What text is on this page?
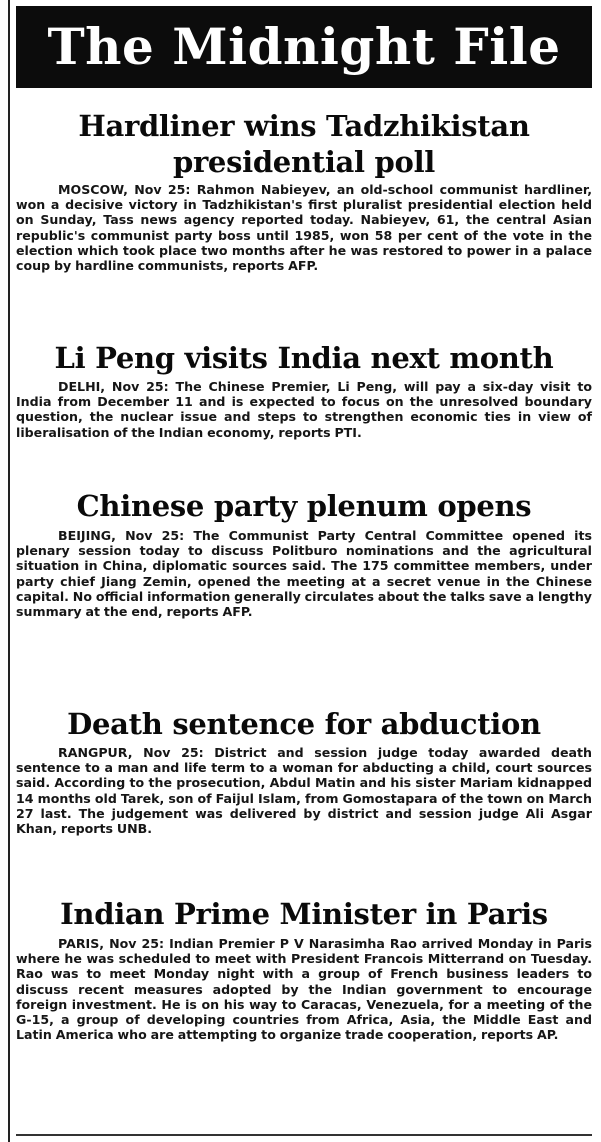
The Midnight File
Hardliner wins Tadzhikistan presidential poll

MOSCOW, Nov 25: Rahmon Nabieyev, an old-school communist hardliner, won a decisive victory in Tadzhikistan's first pluralist presidential election held on Sunday, Tass news agency reported today. Nabieyev, 61, the central Asian republic's communist party boss until 1985, won 58 per cent of the vote in the election which took place two months after he was restored to power in a palace coup by hardline communists, reports AFP.

Li Peng visits India next month

DELHI, Nov 25: The Chinese Premier, Li Peng, will pay a six-day visit to India from December 11 and is expected to focus on the unresolved boundary question, the nuclear issue and steps to strengthen economic ties in view of liberalisation of the Indian economy, reports PTI.

Chinese party plenum opens

BEIJING, Nov 25: The Communist Party Central Committee opened its plenary session today to discuss Politburo nominations and the agricultural situation in China, diplomatic sources said. The 175 committee members, under party chief Jiang Zemin, opened the meeting at a secret venue in the Chinese capital. No official information generally circulates about the talks save a lengthy summary at the end, reports AFP.

Death sentence for abduction

RANGPUR, Nov 25: District and session judge today awarded death sentence to a man and life term to a woman for abducting a child, court sources said. According to the prosecution, Abdul Matin and his sister Mariam kidnapped 14 months old Tarek, son of Faijul Islam, from Gomostapara of the town on March 27 last. The judgement was delivered by district and session judge Ali Asgar Khan, reports UNB.

Indian Prime Minister in Paris

PARIS, Nov 25: Indian Premier P V Narasimha Rao arrived Monday in Paris where he was scheduled to meet with President Francois Mitterrand on Tuesday. Rao was to meet Monday night with a group of French business leaders to discuss recent measures adopted by the Indian government to encourage foreign investment. He is on his way to Caracas, Venezuela, for a meeting of the G-15, a group of developing countries from Africa, Asia, the Middle East and Latin America who are attempting to organize trade cooperation, reports AP.
